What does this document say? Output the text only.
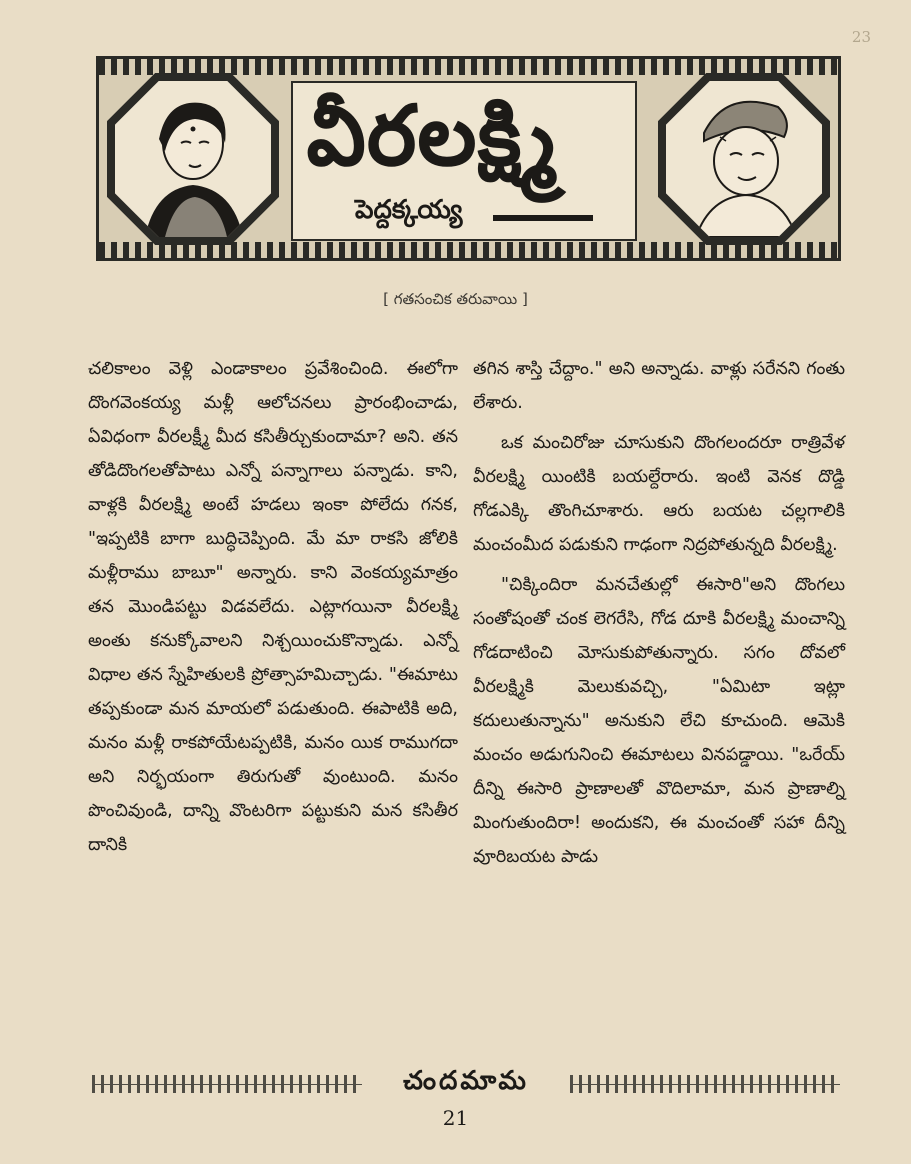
23
వీరలక్ష్మి
పెద్దక్కయ్య
[ గతసంచిక తరువాయి ]

చలికాలం వెళ్లి ఎండాకాలం ప్రవేశించింది. ఈలోగా దొంగవెంకయ్య మళ్లీ ఆలోచనలు ప్రారంభించాడు, ఏవిధంగా వీరలక్ష్మీ మీద కసితీర్చుకుందామా? అని. తన తోడిదొంగలతోపాటు ఎన్నో పన్నాగాలు పన్నాడు. కాని, వాళ్లకి వీరలక్ష్మి అంటే హడలు ఇంకా పోలేదు గనక, "ఇప్పటికి బాగా బుద్ధిచెప్పింది. మే మా రాకసి జోలికి మళ్లీరాము బాబూ" అన్నారు. కాని వెంకయ్యమాత్రం తన మొండిపట్టు విడవలేదు. ఎట్లాగయినా వీరలక్ష్మి అంతు కనుక్కోవాలని నిశ్చయించుకొన్నాడు. ఎన్నో విధాల తన స్నేహితులకి ప్రోత్సాహమిచ్చాడు. "ఈమాటు తప్పకుండా మన మాయలో పడుతుంది. ఈపాటికి అది, మనం మళ్లీ రాకపోయేటప్పటికి, మనం యిక రాముగదా అని నిర్భయంగా తిరుగుతో వుంటుంది. మనం పొంచివుండి, దాన్ని వొంటరిగా పట్టుకుని మన కసితీర దానికి

తగిన శాస్తి చేద్దాం." అని అన్నాడు. వాళ్లు సరేనని గంతు లేశారు.

ఒక మంచిరోజు చూసుకుని దొంగలందరూ రాత్రివేళ వీరలక్ష్మి యింటికి బయల్దేరారు. ఇంటి వెనక దొడ్డి గోడఎక్కి తొంగిచూశారు. ఆరు బయట చల్లగాలికి మంచంమీద పడుకుని గాఢంగా నిద్రపోతున్నది వీరలక్ష్మి.

"చిక్కిందిరా మనచేతుల్లో ఈసారి"అని దొంగలు సంతోషంతో చంక లెగరేసి, గోడ దూకి వీరలక్ష్మి మంచాన్ని గోడదాటించి మోసుకుపోతున్నారు. సగం దోవలో వీరలక్ష్మికి మెలుకువచ్చి, "ఏమిటా ఇట్లా కదులుతున్నాను" అనుకుని లేచి కూచుంది. ఆమెకి మంచం అడుగునించి ఈమాటలు వినపడ్డాయి. "ఒరేయ్ దీన్ని ఈసారి ప్రాణాలతో వొదిలామా, మన ప్రాణాల్ని మింగుతుందిరా! అందుకని, ఈ మంచంతో సహా దీన్ని వూరిబయట పాడు

చందమామ
21
